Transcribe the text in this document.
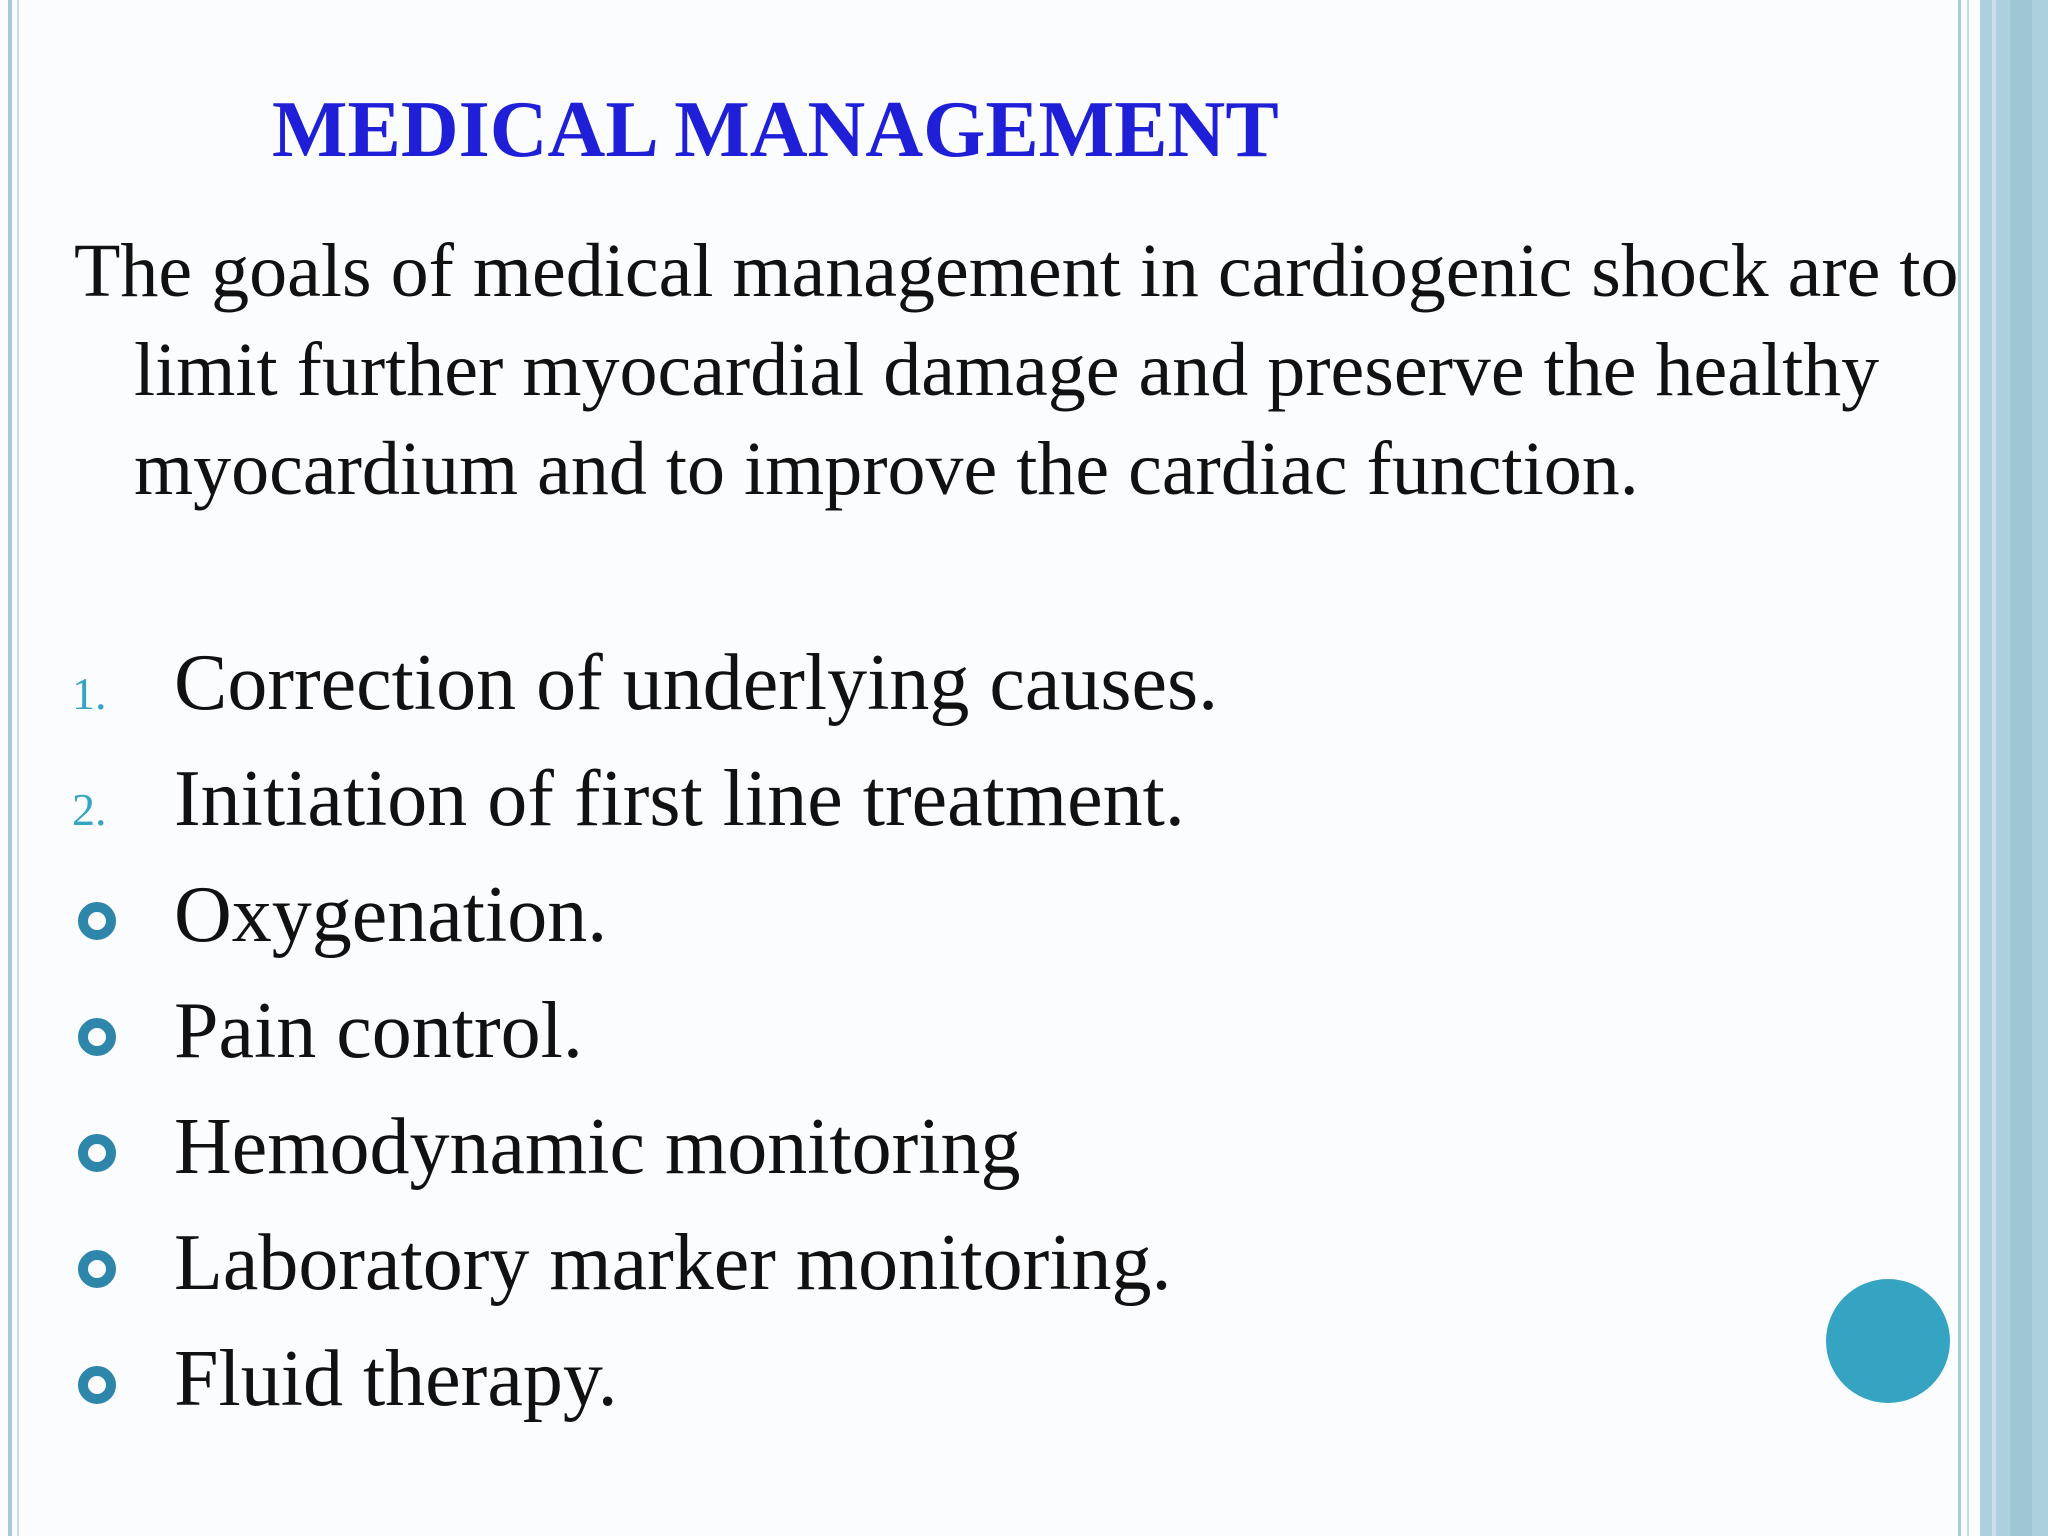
MEDICAL MANAGEMENT

The goals of medical management in cardiogenic shock are to limit further myocardial damage and preserve the healthy myocardium and to improve the cardiac function.

1. Correction of underlying causes.
2. Initiation of first line treatment.
Oxygenation.
Pain control.
Hemodynamic monitoring
Laboratory marker monitoring.
Fluid therapy.
